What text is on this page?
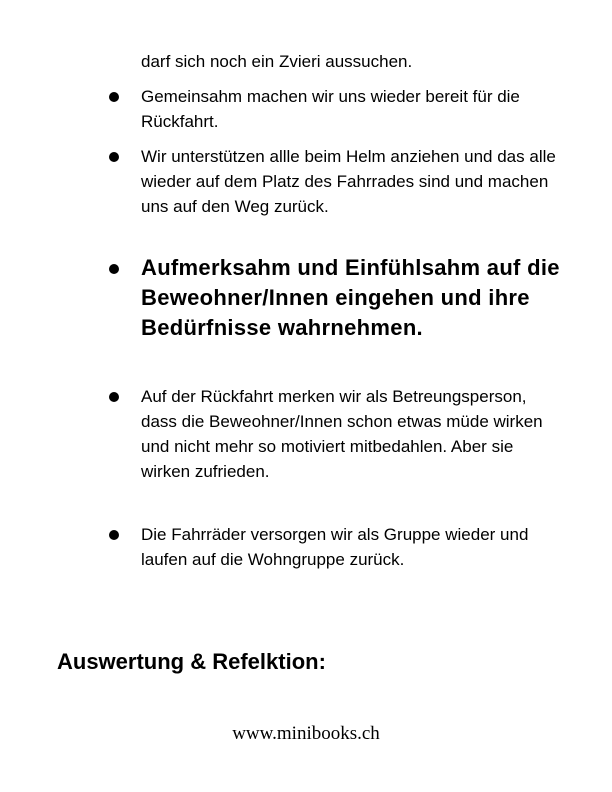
darf sich noch ein Zvieri aussuchen.

Gemeinsahm machen wir uns wieder bereit für die Rückfahrt.

Wir unterstützen allle beim Helm anziehen und das alle wieder auf dem Platz des Fahrrades sind und machen uns auf den Weg zurück.

Aufmerksahm und Einfühlsahm auf die Beweohner/Innen eingehen und ihre Bedürfnisse wahrnehmen.

Auf der Rückfahrt merken wir als Betreungsperson, dass die Beweohner/Innen schon etwas müde wirken und nicht mehr so motiviert mitbedahlen. Aber sie wirken zufrieden.

Die Fahrräder versorgen wir als Gruppe wieder und laufen auf die Wohngruppe zurück.

Auswertung & Refelktion:

www.minibooks.ch
